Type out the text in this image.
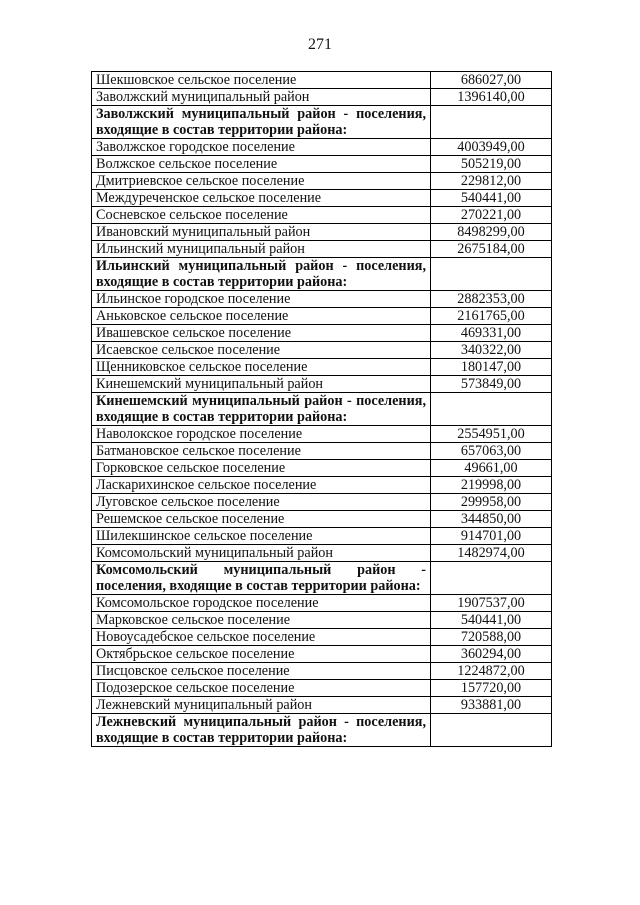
271
Шекшовское сельское поселение	686027,00
Заволжский муниципальный район	1396140,00
Заволжский муниципальный район - поселения, входящие в состав территории района:	
Заволжское городское поселение	4003949,00
Волжское сельское поселение	505219,00
Дмитриевское сельское поселение	229812,00
Междуреченское сельское поселение	540441,00
Сосневское сельское поселение	270221,00
Ивановский муниципальный район	8498299,00
Ильинский муниципальный район	2675184,00
Ильинский муниципальный район - поселения, входящие в состав территории района:	
Ильинское городское поселение	2882353,00
Аньковское сельское поселение	2161765,00
Ивашевское сельское поселение	469331,00
Исаевское сельское поселение	340322,00
Щенниковское сельское поселение	180147,00
Кинешемский муниципальный район	573849,00
Кинешемский муниципальный район - поселения, входящие в состав территории района:	
Наволокское городское поселение	2554951,00
Батмановское сельское поселение	657063,00
Горковское сельское поселение	49661,00
Ласкарихинское сельское поселение	219998,00
Луговское сельское поселение	299958,00
Решемское сельское поселение	344850,00
Шилекшинское сельское поселение	914701,00
Комсомольский муниципальный район	1482974,00
Комсомольский муниципальный район - поселения, входящие в состав территории района:	
Комсомольское городское поселение	1907537,00
Марковское сельское поселение	540441,00
Новоусадебское сельское поселение	720588,00
Октябрьское сельское поселение	360294,00
Писцовское сельское поселение	1224872,00
Подозерское сельское поселение	157720,00
Лежневский муниципальный район	933881,00
Лежневский муниципальный район - поселения, входящие в состав территории района:	
